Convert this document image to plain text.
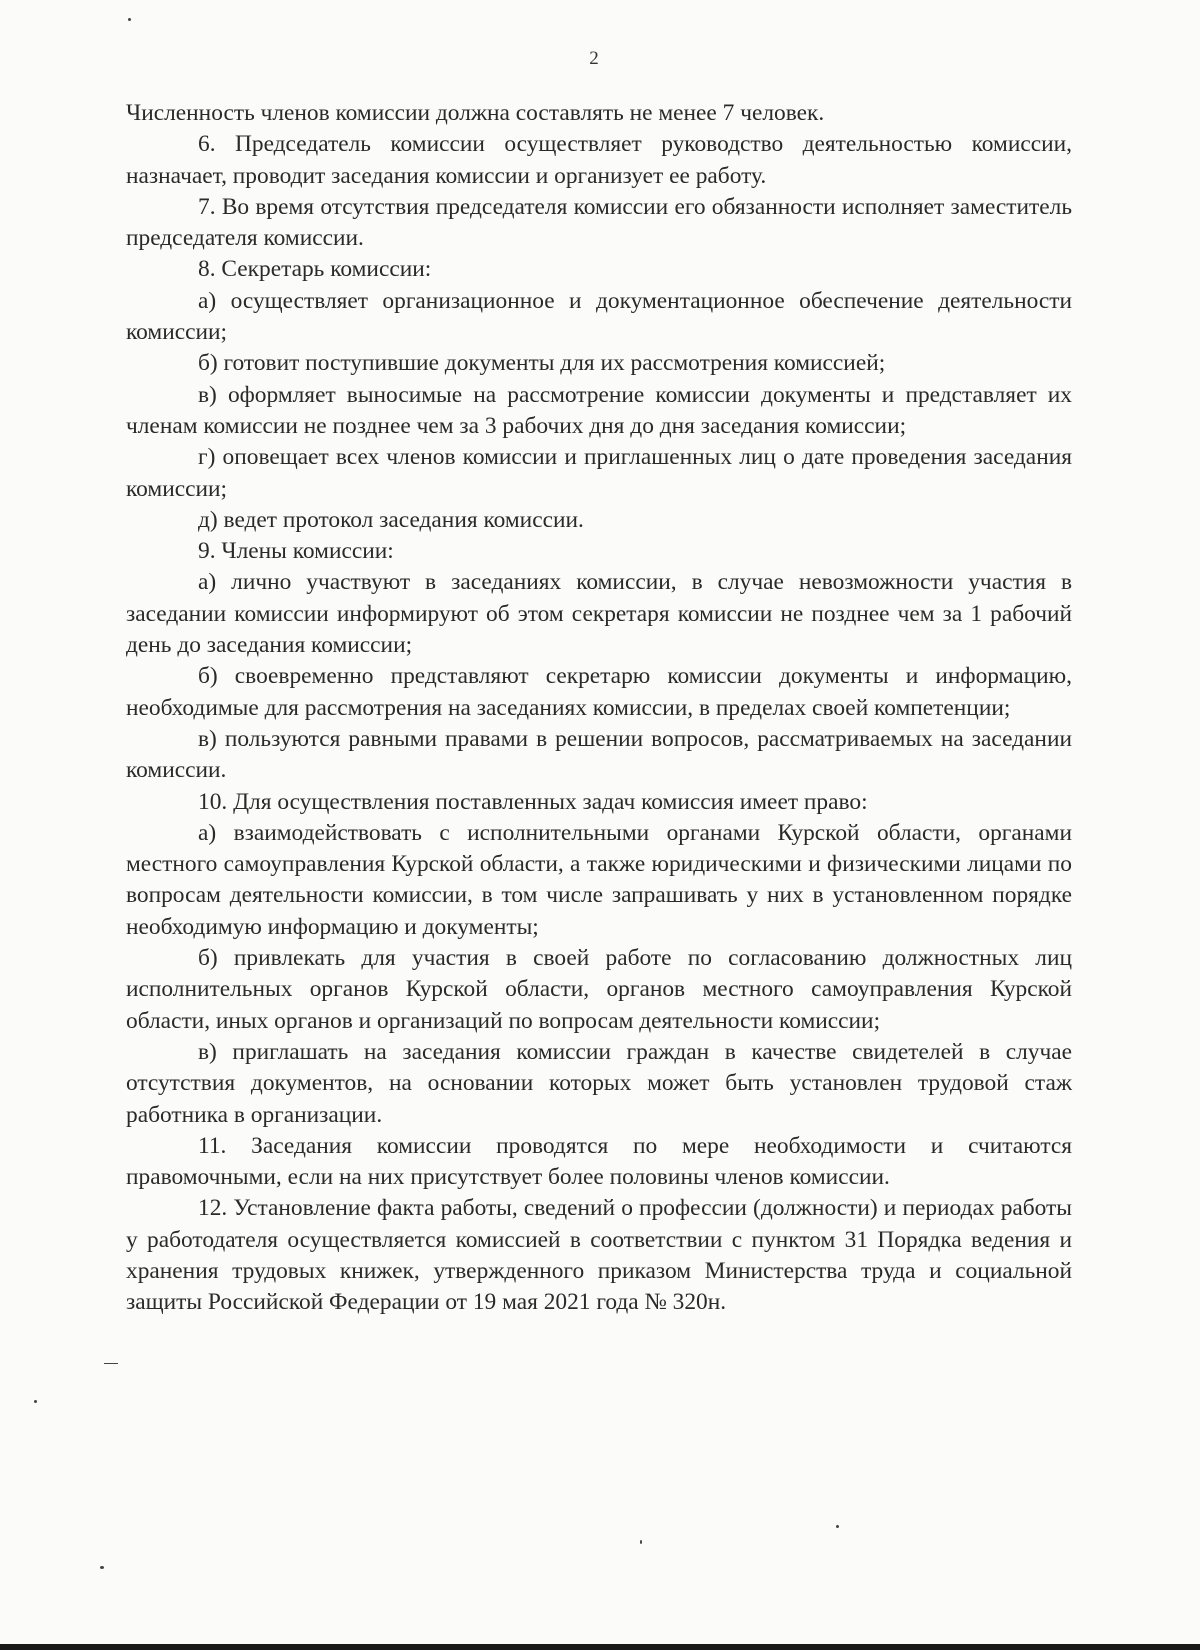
2

Численность членов комиссии должна составлять не менее 7 человек.

6. Председатель комиссии осуществляет руководство деятельностью комиссии, назначает, проводит заседания комиссии и организует ее работу.

7. Во время отсутствия председателя комиссии его обязанности исполняет заместитель председателя комиссии.

8. Секретарь комиссии:

а) осуществляет организационное и документационное обеспечение деятельности комиссии;

б) готовит поступившие документы для их рассмотрения комиссией;

в) оформляет выносимые на рассмотрение комиссии документы и представляет их членам комиссии не позднее чем за 3 рабочих дня до дня заседания комиссии;

г) оповещает всех членов комиссии и приглашенных лиц о дате проведения заседания комиссии;

д) ведет протокол заседания комиссии.

9. Члены комиссии:

а) лично участвуют в заседаниях комиссии, в случае невозможности участия в заседании комиссии информируют об этом секретаря комиссии не позднее чем за 1 рабочий день до заседания комиссии;

б) своевременно представляют секретарю комиссии документы и информацию, необходимые для рассмотрения на заседаниях комиссии, в пределах своей компетенции;

в) пользуются равными правами в решении вопросов, рассматриваемых на заседании комиссии.

10. Для осуществления поставленных задач комиссия имеет право:

а) взаимодействовать с исполнительными органами Курской области, органами местного самоуправления Курской области, а также юридическими и физическими лицами по вопросам деятельности комиссии, в том числе запрашивать у них в установленном порядке необходимую информацию и документы;

б) привлекать для участия в своей работе по согласованию должностных лиц исполнительных органов Курской области, органов местного самоуправления Курской области, иных органов и организаций по вопросам деятельности комиссии;

в) приглашать на заседания комиссии граждан в качестве свидетелей в случае отсутствия документов, на основании которых может быть установлен трудовой стаж работника в организации.

11. Заседания комиссии проводятся по мере необходимости и считаются правомочными, если на них присутствует более половины членов комиссии.

12. Установление факта работы, сведений о профессии (должности) и периодах работы у работодателя осуществляется комиссией в соответствии с пунктом 31 Порядка ведения и хранения трудовых книжек, утвержденного приказом Министерства труда и социальной защиты Российской Федерации от 19 мая 2021 года № 320н.
